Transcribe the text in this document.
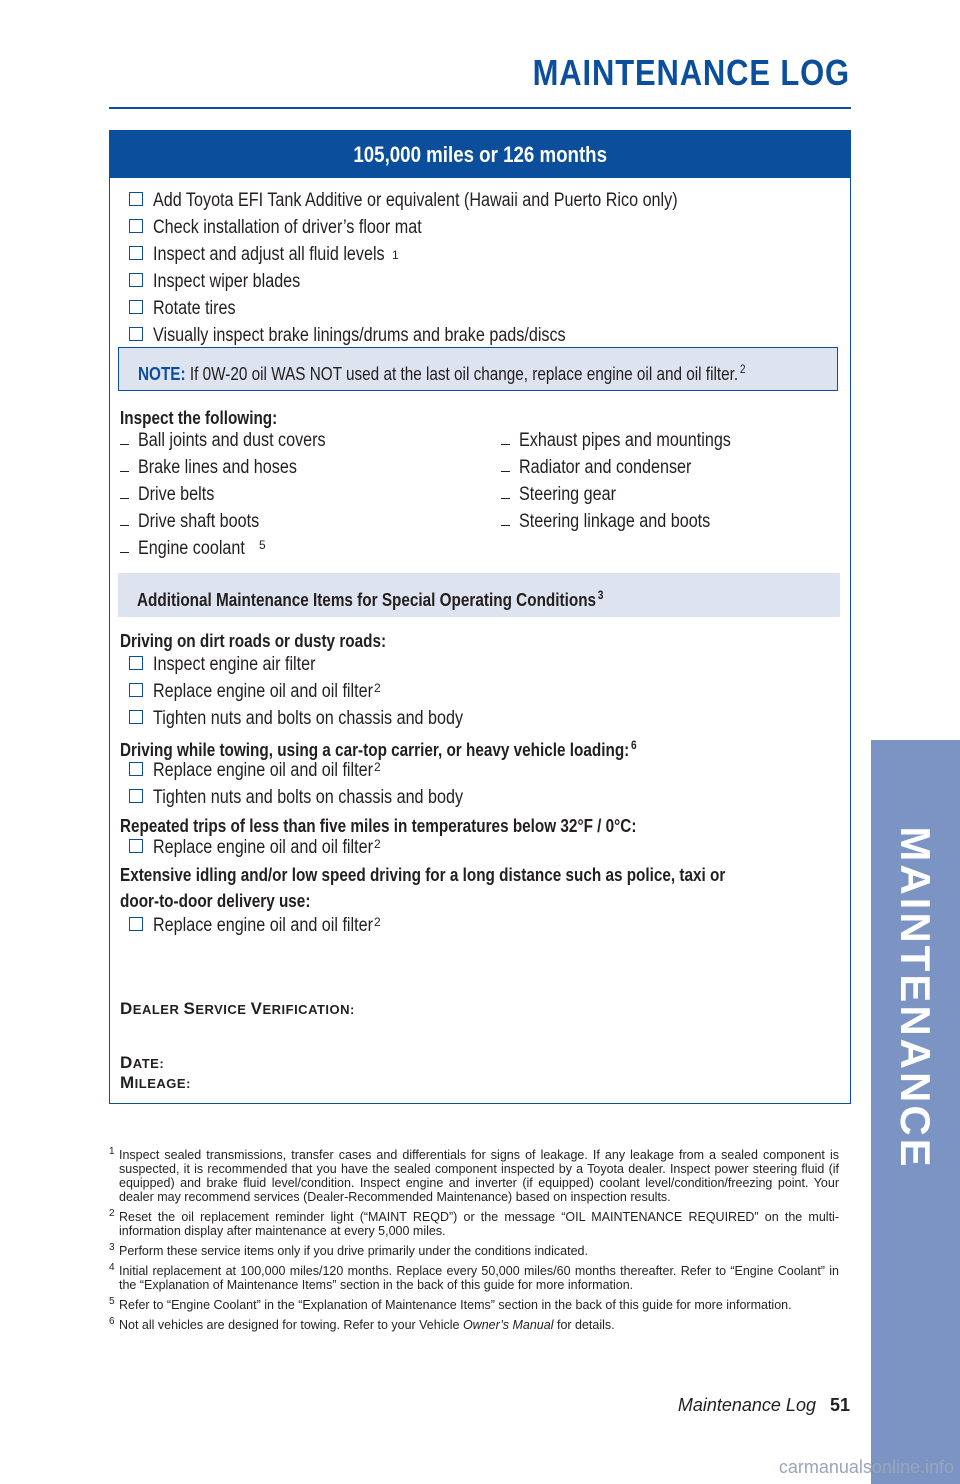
MAINTENANCE LOG
105,000 miles or 126 months
Add Toyota EFI Tank Additive or equivalent (Hawaii and Puerto Rico only)
Check installation of driver’s floor mat
Inspect and adjust all fluid levels $^1$
Inspect wiper blades
Rotate tires
Visually inspect brake linings/drums and brake pads/discs
NOTE: If 0W-20 oil WAS NOT used at the last oil change, replace engine oil and oil filter. $^2$
Inspect the following:
Ball joints and dust covers
Brake lines and hoses
Drive belts
Drive shaft boots
Engine coolant	$^5$
Exhaust pipes and mountings
Radiator and condenser
Steering gear
Steering linkage and boots
Additional Maintenance Items for Special Operating Conditions $^3$
Driving on dirt roads or dusty roads:
Inspect engine air filter
Replace engine oil and oil filter $^2$
Tighten nuts and bolts on chassis and body
Driving while towing, using a car-top carrier, or heavy vehicle loading: $^6$
Replace engine oil and oil filter $^2$
Tighten nuts and bolts on chassis and body
Repeated trips of less than five miles in temperatures below 32°F / 0°C:
Replace engine oil and oil filter $^2$
Extensive idling and/or low speed driving for a long distance such as police, taxi or
door-to-door delivery use:
Replace engine oil and oil filter $^2$
DEALER SERVICE VERIFICATION:
DATE:
MILEAGE:
1 Inspect sealed transmissions, transfer cases and differentials for signs of leakage. If any leakage from a sealed component is suspected, it is recommended that you have the sealed component inspected by a Toyota dealer. Inspect power steering fluid (if equipped) and brake fluid level/condition. Inspect engine and inverter (if equipped) coolant level/condition/freezing point. Your dealer may recommend services (Dealer-Recommended Maintenance) based on inspection results.
2 Reset the oil replacement reminder light (“MAINT REQD”) or the message “OIL MAINTENANCE REQUIRED” on the multi-information display after maintenance at every 5,000 miles.
3 Perform these service items only if you drive primarily under the conditions indicated.
4 Initial replacement at 100,000 miles/120 months. Replace every 50,000 miles/60 months thereafter. Refer to “Engine Coolant” in the “Explanation of Maintenance Items” section in the back of this guide for more information.
5 Refer to “Engine Coolant” in the “Explanation of Maintenance Items” section in the back of this guide for more information.
6 Not all vehicles are designed for towing. Refer to your Vehicle Owner’s Manual for details.
Maintenance Log 51
MAINTENANCE
carmanualsonline.info
